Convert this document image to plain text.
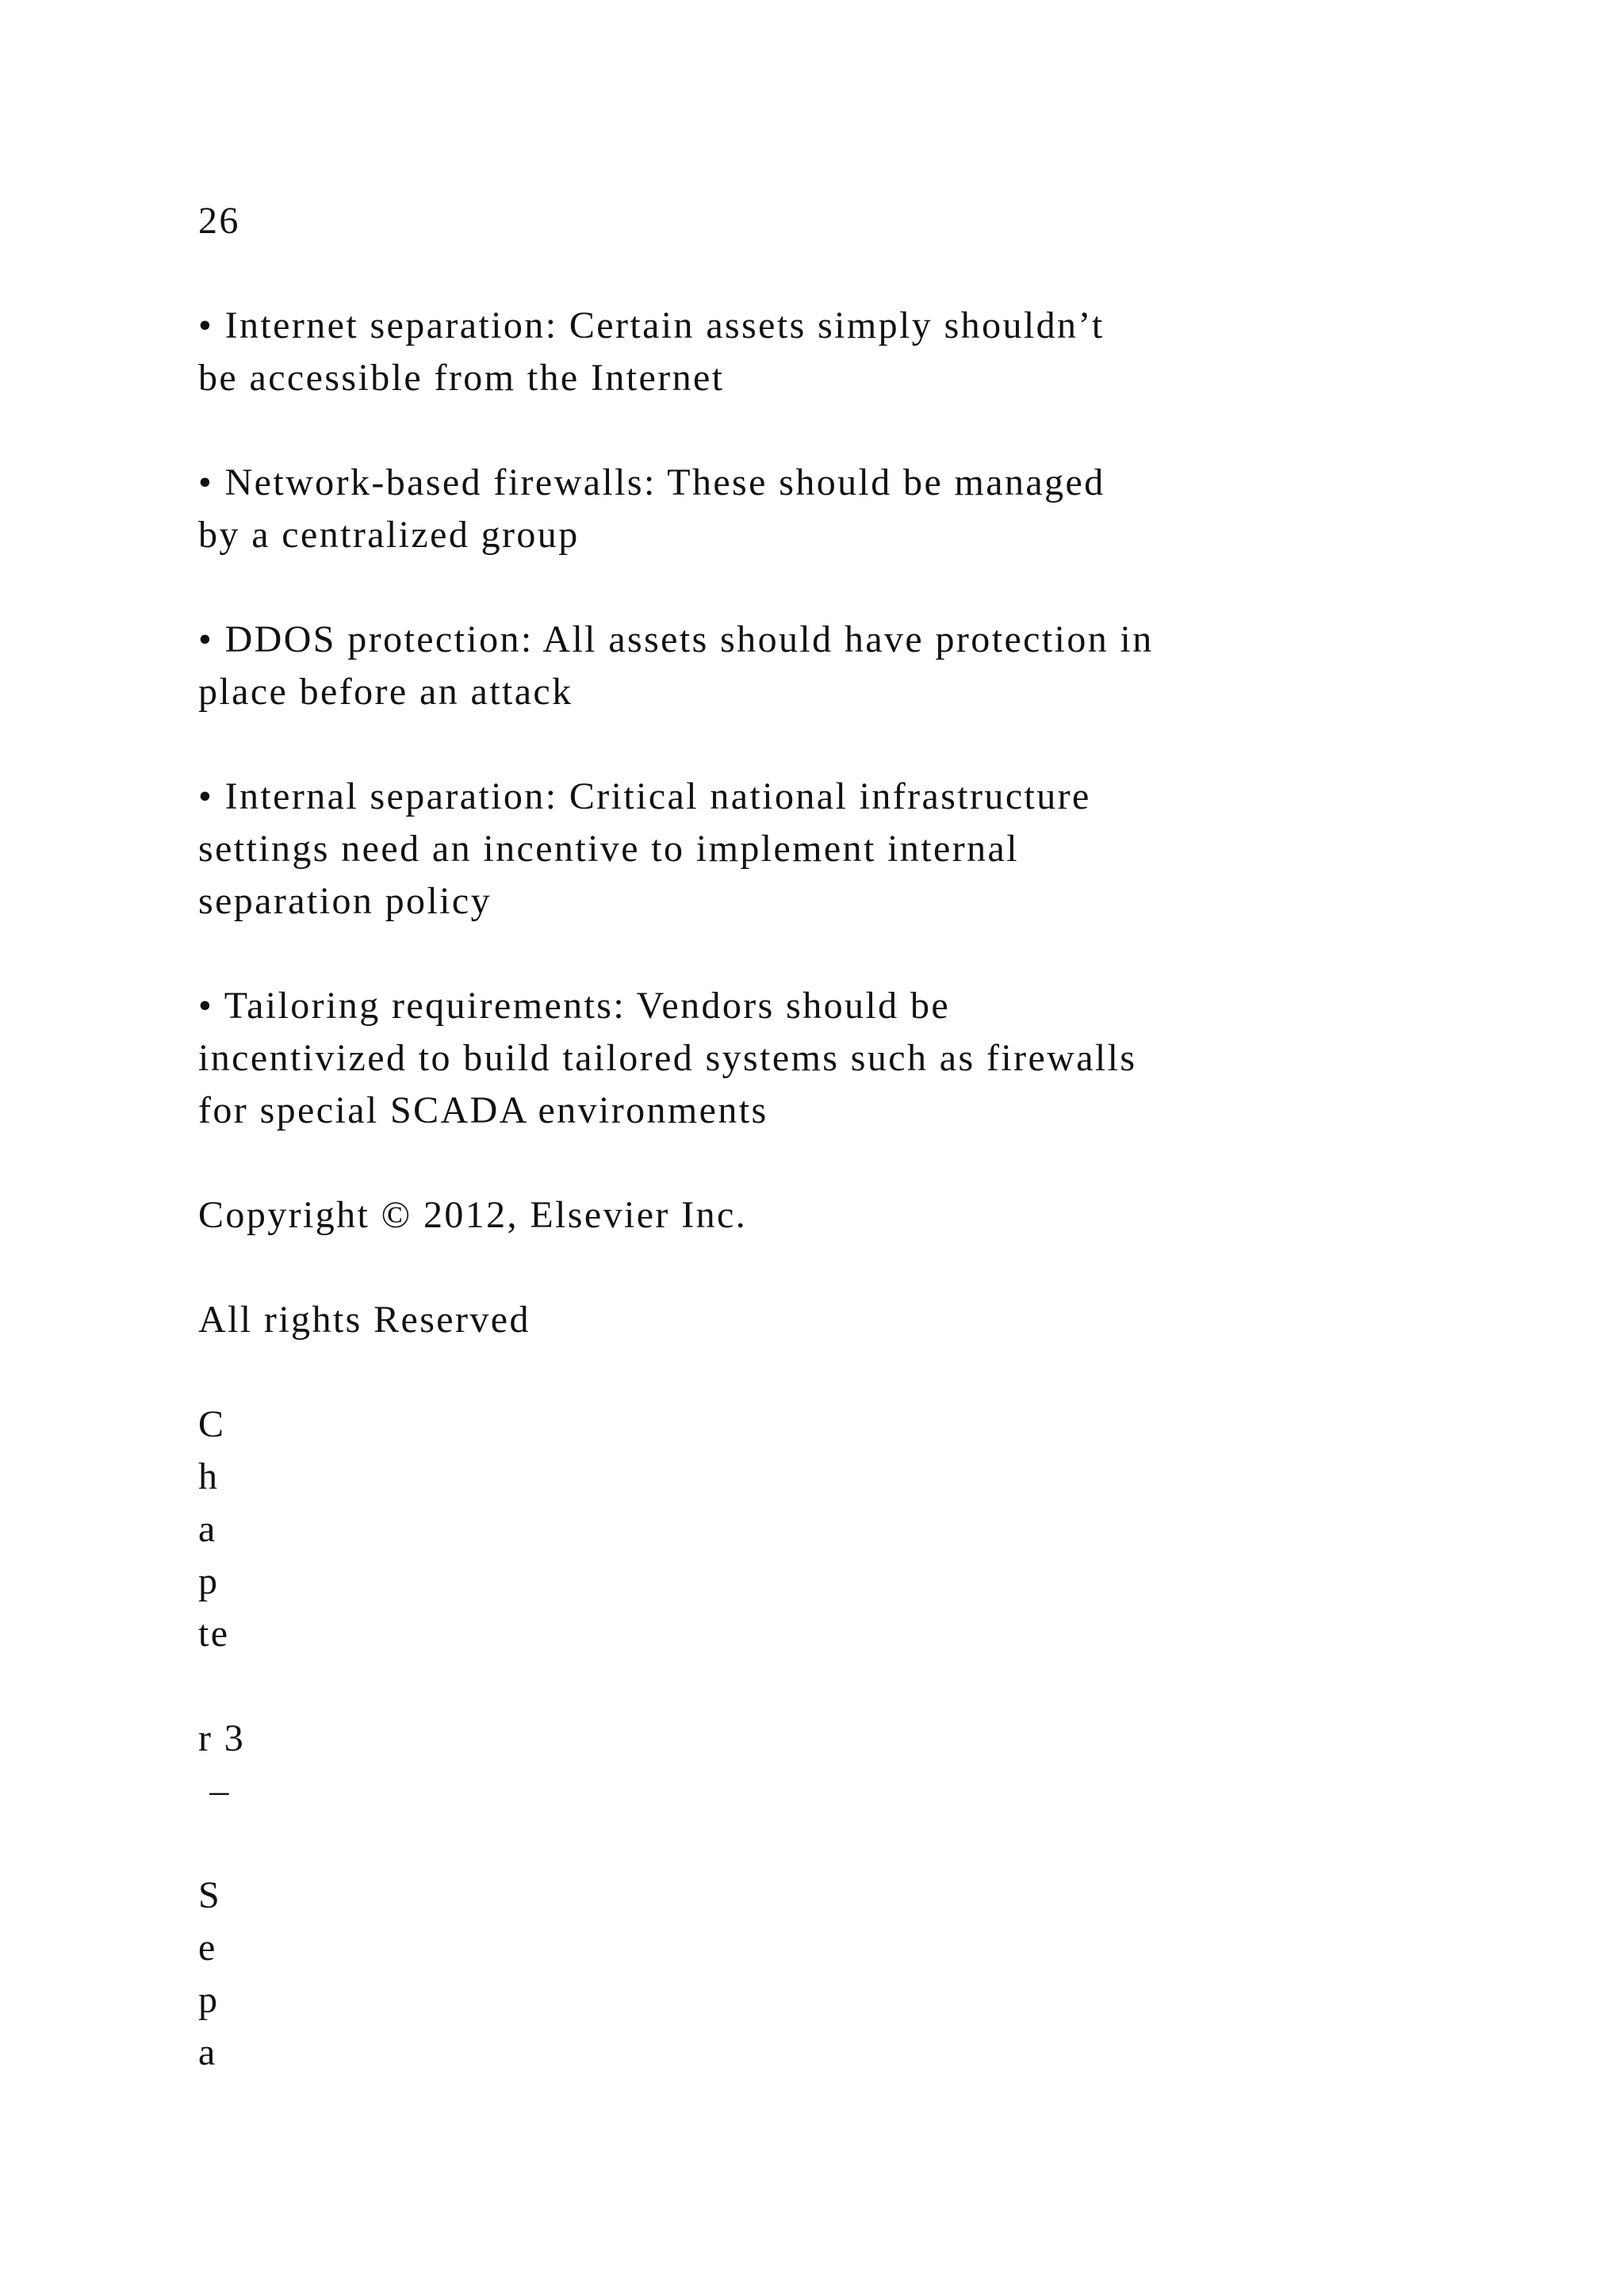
26
• Internet separation: Certain assets simply shouldn’t
be accessible from the Internet
• Network-based firewalls: These should be managed
by a centralized group
• DDOS protection: All assets should have protection in
place before an attack
• Internal separation: Critical national infrastructure
settings need an incentive to implement internal
separation policy
• Tailoring requirements: Vendors should be
incentivized to build tailored systems such as firewalls
for special SCADA environments
Copyright © 2012, Elsevier Inc.
All rights Reserved
C
h
a
p
te
r 3
–
S
e
p
a
